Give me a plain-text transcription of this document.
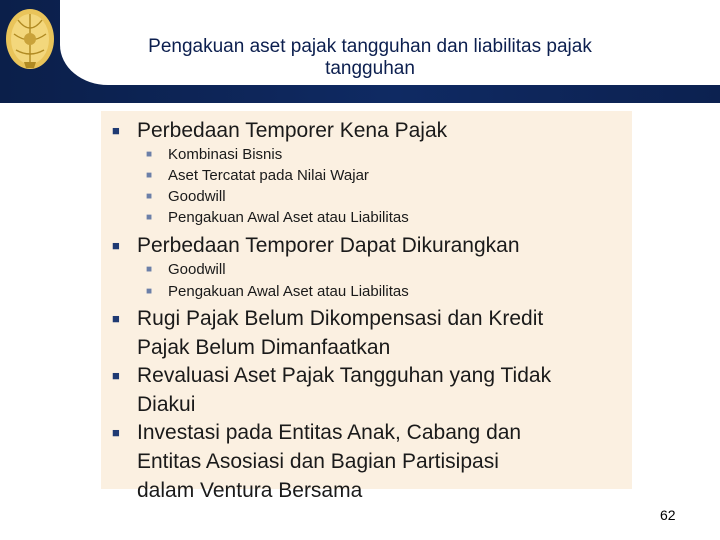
Pengakuan aset pajak tangguhan dan liabilitas pajak tangguhan
■ Perbedaan Temporer Kena Pajak
■ Kombinasi Bisnis
■ Aset Tercatat pada Nilai Wajar
■ Goodwill
■ Pengakuan Awal Aset atau Liabilitas
■ Perbedaan Temporer Dapat Dikurangkan
■ Goodwill
■ Pengakuan Awal Aset atau Liabilitas
■ Rugi Pajak Belum Dikompensasi dan Kredit
Pajak Belum Dimanfaatkan
■ Revaluasi Aset Pajak Tangguhan yang Tidak
Diakui
■ Investasi pada Entitas Anak, Cabang dan
Entitas Asosiasi dan Bagian Partisipasi
dalam Ventura Bersama
62
